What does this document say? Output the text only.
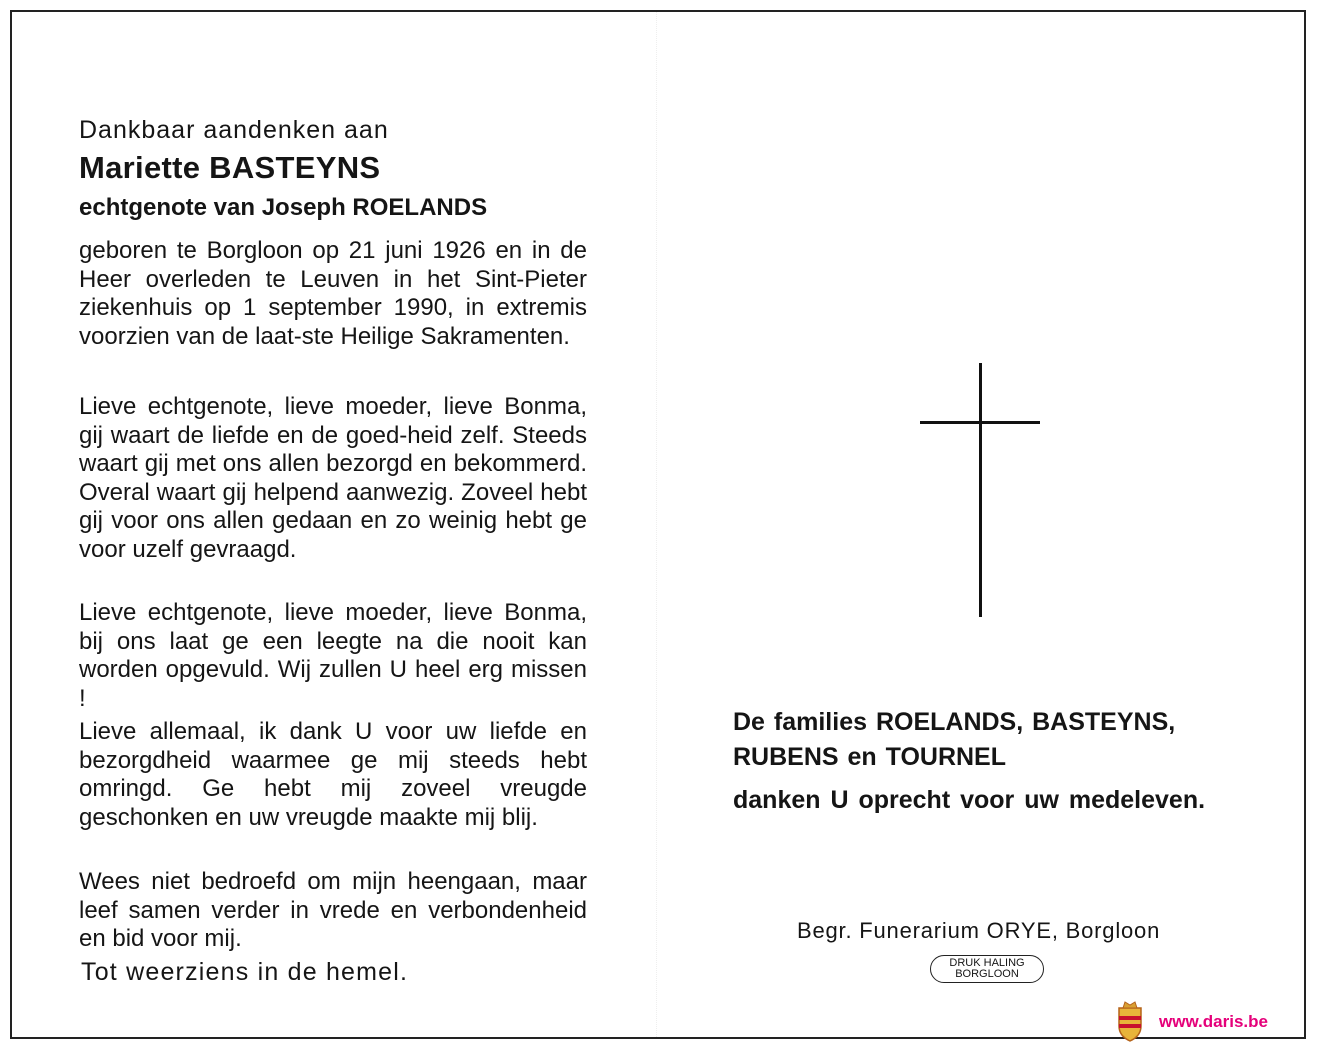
Dankbaar aandenken aan
Mariette BASTEYNS
echtgenote van Joseph ROELANDS
geboren te Borgloon op 21 juni 1926 en in de Heer overleden te Leuven in het Sint-Pieter ziekenhuis op 1 september 1990, in extremis voorzien van de laat-ste Heilige Sakramenten.
Lieve echtgenote, lieve moeder, lieve Bonma, gij waart de liefde en de goed-heid zelf. Steeds waart gij met ons allen bezorgd en bekommerd. Overal waart gij helpend aanwezig. Zoveel hebt gij voor ons allen gedaan en zo weinig hebt ge voor uzelf gevraagd.
Lieve echtgenote, lieve moeder, lieve Bonma, bij ons laat ge een leegte na die nooit kan worden opgevuld. Wij zullen U heel erg missen !
Lieve allemaal, ik dank U voor uw liefde en bezorgdheid waarmee ge mij steeds hebt omringd. Ge hebt mij zoveel vreugde geschonken en uw vreugde maakte mij blij.
Wees niet bedroefd om mijn heengaan, maar leef samen verder in vrede en verbondenheid en bid voor mij.
Tot weerziens in de hemel.
De families ROELANDS, BASTEYNS,
RUBENS en TOURNEL
danken U oprecht voor uw medeleven.
Begr. Funerarium ORYE, Borgloon
DRUK HALING
BORGLOON
www.daris.be
